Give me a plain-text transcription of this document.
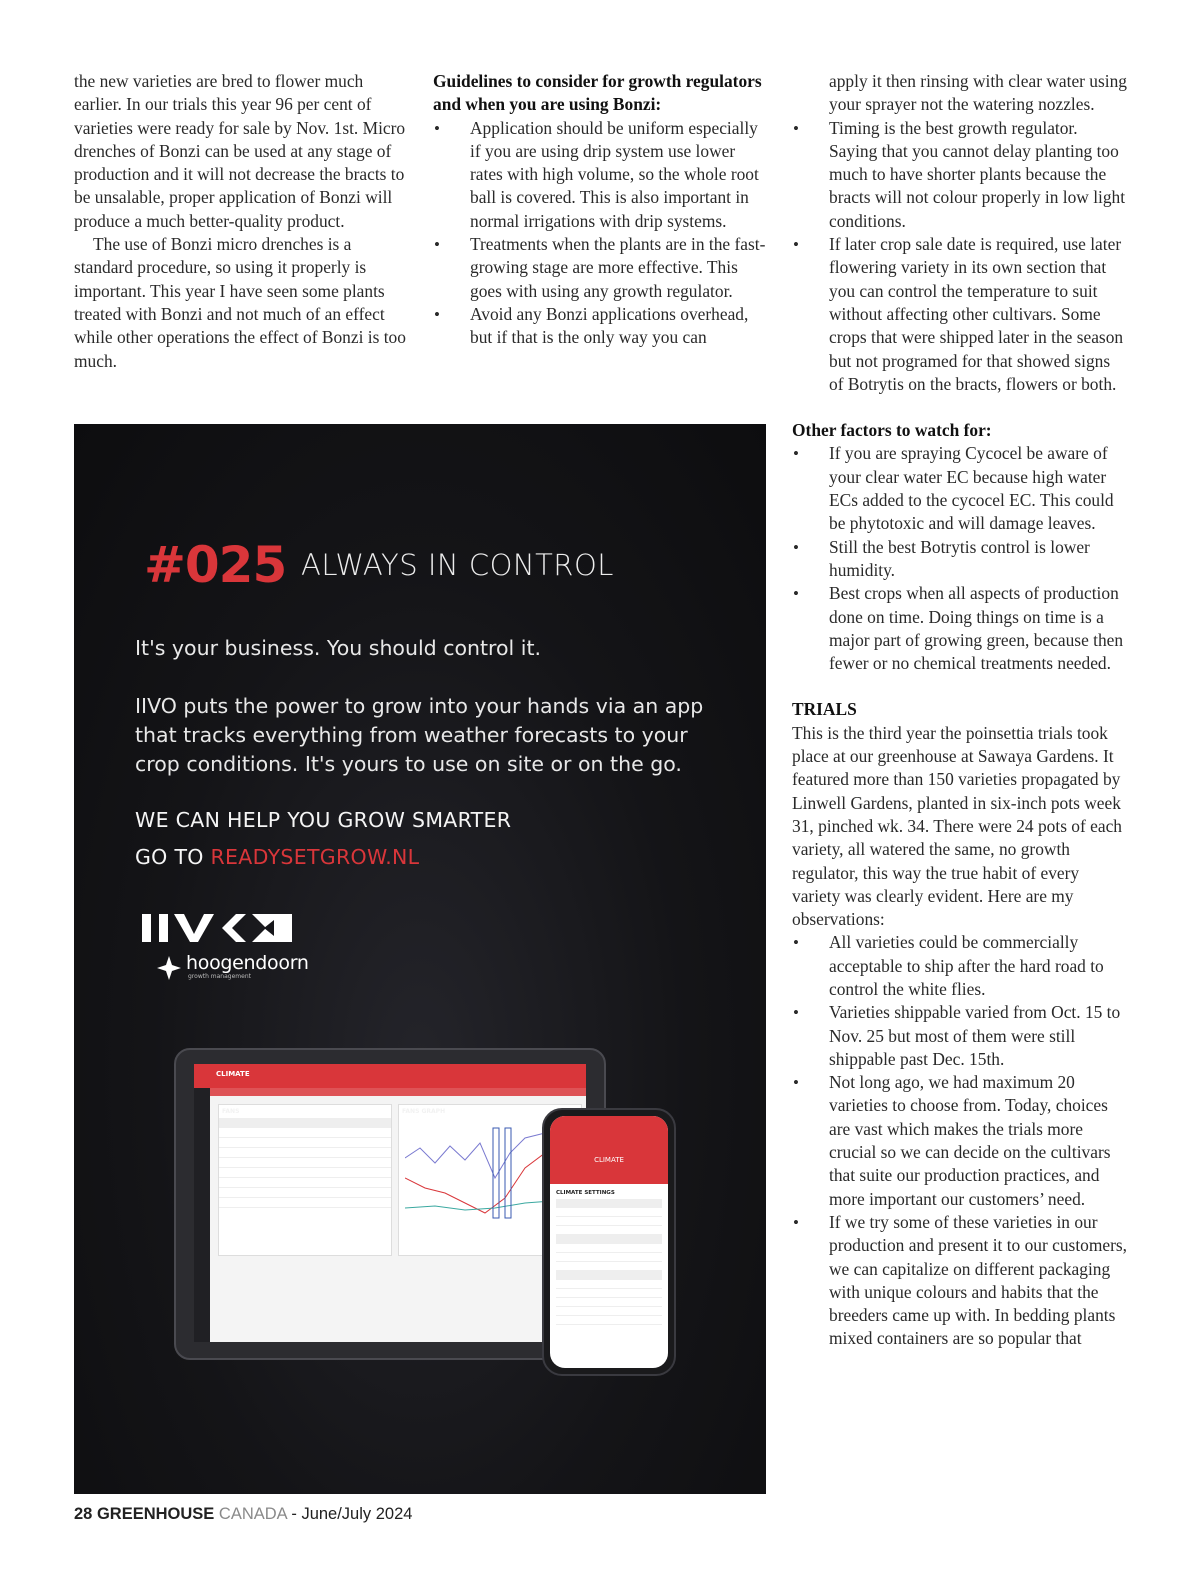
the new varieties are bred to flower much earlier. In our trials this year 96 per cent of varieties were ready for sale by Nov. 1st. Micro drenches of Bonzi can be used at any stage of production and it will not decrease the bracts to be unsalable, proper application of Bonzi will produce a much better-quality product.

The use of Bonzi micro drenches is a standard procedure, so using it properly is important. This year I have seen some plants treated with Bonzi and not much of an effect while other operations the effect of Bonzi is too much.

Guidelines to consider for growth regulators and when you are using Bonzi:

• Application should be uniform especially if you are using drip system use lower rates with high volume, so the whole root ball is covered. This is also important in normal irrigations with drip systems.
• Treatments when the plants are in the fast-growing stage are more effective. This goes with using any growth regulator.
• Avoid any Bonzi applications overhead, but if that is the only way you can

apply it then rinsing with clear water using your sprayer not the watering nozzles.

• Timing is the best growth regulator. Saying that you cannot delay planting too much to have shorter plants because the bracts will not colour properly in low light conditions.
• If later crop sale date is required, use later flowering variety in its own section that you can control the temperature to suit without affecting other cultivars. Some crops that were shipped later in the season but not programed for that showed signs of Botrytis on the bracts, flowers or both.

Other factors to watch for:

• If you are spraying Cycocel be aware of your clear water EC because high water ECs added to the cycocel EC. This could be phytotoxic and will damage leaves.
• Still the best Botrytis control is lower humidity.
• Best crops when all aspects of production done on time. Doing things on time is a major part of growing green, because then fewer or no chemical treatments needed.

TRIALS

This is the third year the poinsettia trials took place at our greenhouse at Sawaya Gardens. It featured more than 150 varieties propagated by Linwell Gardens, planted in six-inch pots week 31, pinched wk. 34. There were 24 pots of each variety, all watered the same, no growth regulator, this way the true habit of every variety was clearly evident. Here are my observations:

• All varieties could be commercially acceptable to ship after the hard road to control the white flies.
• Varieties shippable varied from Oct. 15 to Nov. 25 but most of them were still shippable past Dec. 15th.
• Not long ago, we had maximum 20 varieties to choose from. Today, choices are vast which makes the trials more crucial so we can decide on the cultivars that suite our production practices, and more important our customers’ need.
• If we try some of these varieties in our production and present it to our customers, we can capitalize on different packaging with unique colours and habits that the breeders came up with. In bedding plants mixed containers are so popular that
#025 ALWAYS IN CONTROL
It's your business. You should control it.
IIVO puts the power to grow into your hands via an app that tracks everything from weather forecasts to your crop conditions. It's yours to use on site or on the go.
WE CAN HELP YOU GROW SMARTER
GO TO READYSETGROW.NL
hoogendoorn
growth management
CLIMATE
FANS	FANS GRAPH
CLIMATE
CLIMATE SETTINGS
28 GREENHOUSE CANADA - June/July 2024
